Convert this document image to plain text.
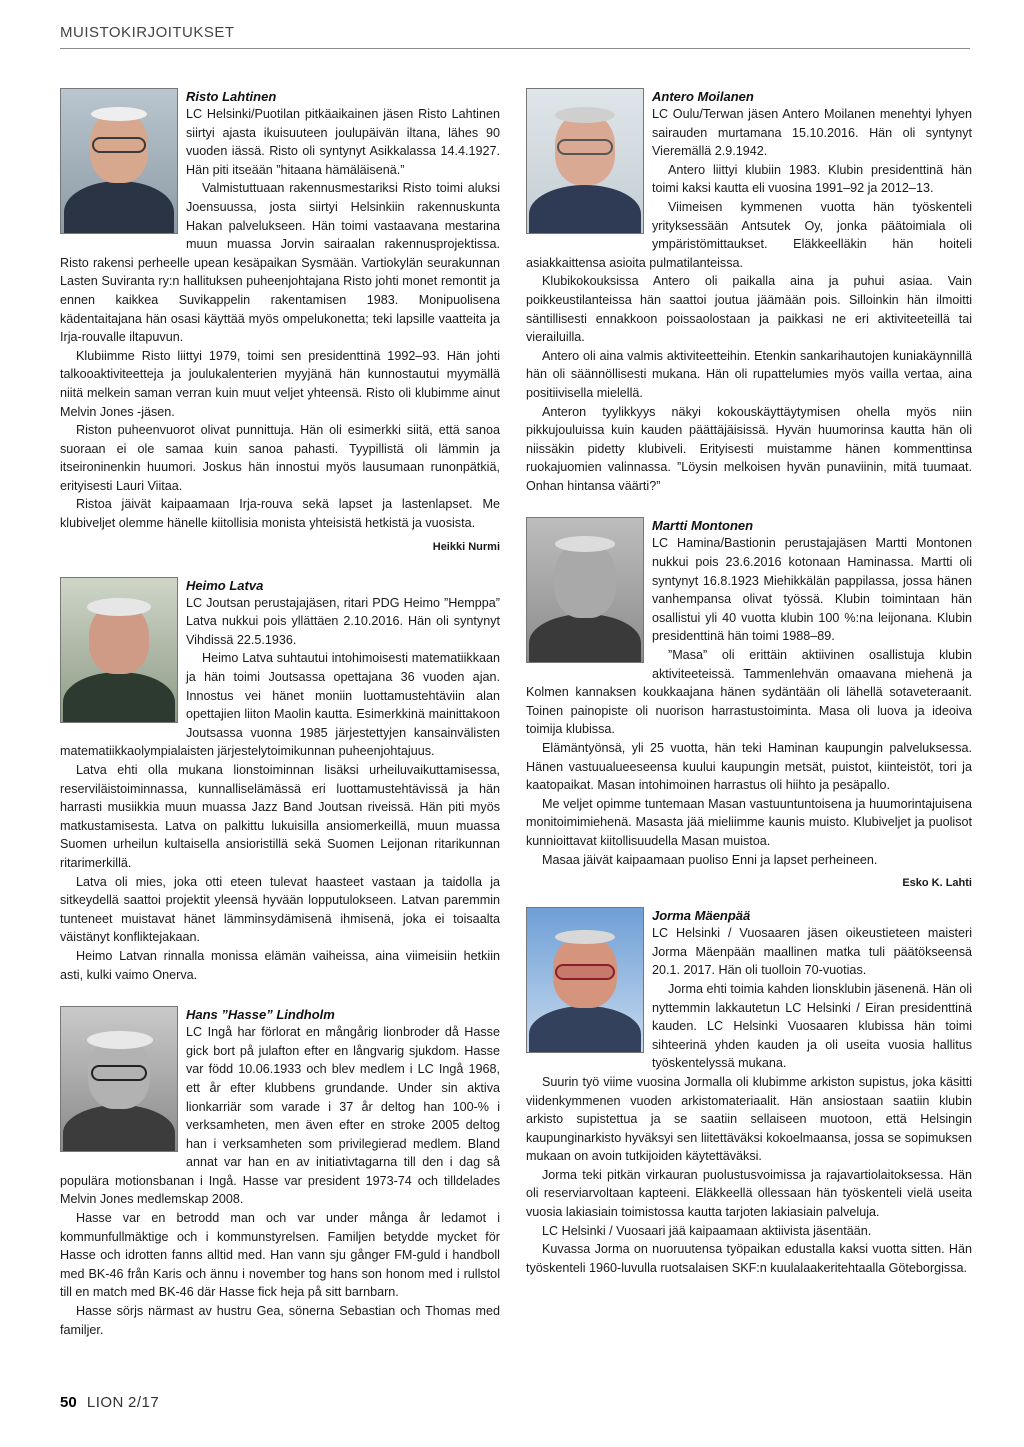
MUISTOKIRJOITUKSET
Risto Lahtinen

LC Helsinki/Puotilan pitkäaikainen jäsen Risto Lahtinen siirtyi ajasta ikuisuuteen joulupäivän iltana, lähes 90 vuoden iässä. Risto oli syntynyt Asikkalassa 14.4.1927. Hän piti itseään ”hitaana hämäläisenä.”

Valmistuttuaan rakennusmestariksi Risto toimi aluksi Joensuussa, josta siirtyi Helsinkiin rakennuskunta Hakan palvelukseen. Hän toimi vastaavana mestarina muun muassa Jorvin sairaalan rakennusprojektissa. Risto rakensi perheelle upean kesäpaikan Sysmään. Vartiokylän seurakunnan Lasten Suviranta ry:n hallituksen puheenjohtajana Risto johti monet remontit ja ennen kaikkea Suvikappelin rakentamisen 1983. Monipuolisena kädentaitajana hän osasi käyttää myös ompelukonetta; teki lapsille vaatteita ja Irja-rouvalle iltapuvun.

Klubiimme Risto liittyi 1979, toimi sen presidenttinä 1992–93. Hän johti talkooaktiviteetteja ja joulukalenterien myyjänä hän kunnostautui myymällä niitä melkein saman verran kuin muut veljet yhteensä. Risto oli klubimme ainut Melvin Jones -jäsen.

Riston puheenvuorot olivat punnittuja. Hän oli esimerkki siitä, että sanoa suoraan ei ole samaa kuin sanoa pahasti. Tyypillistä oli lämmin ja itseironinenkin huumori. Joskus hän innostui myös lausumaan runonpätkiä, erityisesti Lauri Viitaa.

Ristoa jäivät kaipaamaan Irja-rouva sekä lapset ja lastenlapset. Me klubiveljet olemme hänelle kiitollisia monista yhteisistä hetkistä ja vuosista.

Heikki Nurmi
Heimo Latva

LC Joutsan perustajajäsen, ritari PDG Heimo ”Hemppa” Latva nukkui pois yllättäen 2.10.2016. Hän oli syntynyt Vihdissä 22.5.1936.

Heimo Latva suhtautui intohimoisesti matematiikkaan ja hän toimi Joutsassa opettajana 36 vuoden ajan. Innostus vei hänet moniin luottamustehtäviin alan opettajien liiton Maolin kautta. Esimerkkinä mainittakoon Joutsassa vuonna 1985 järjestettyjen kansainvälisten matematiikkaolympialaisten järjestelytoimikunnan puheenjohtajuus.

Latva ehti olla mukana lionstoiminnan lisäksi urheiluvaikuttamisessa, reserviläistoiminnassa, kunnalliselämässä eri luottamustehtävissä ja hän harrasti musiikkia muun muassa Jazz Band Joutsan riveissä. Hän piti myös matkustamisesta. Latva on palkittu lukuisilla ansiomerkeillä, muun muassa Suomen urheilun kultaisella ansioristillä sekä Suomen Leijonan ritarikunnan ritarimerkillä.

Latva oli mies, joka otti eteen tulevat haasteet vastaan ja taidolla ja sitkeydellä saattoi projektit yleensä hyvään lopputulokseen. Latvan paremmin tunteneet muistavat hänet lämminsydämisenä ihmisenä, joka ei toisaalta väistänyt konfliktejakaan.

Heimo Latvan rinnalla monissa elämän vaiheissa, aina viimeisiin hetkiin asti, kulki vaimo Onerva.

Hans ”Hasse” Lindholm

LC Ingå har förlorat en mångårig lionbroder då Hasse gick bort på julafton efter en långvarig sjukdom. Hasse var född 10.06.1933 och blev medlem i LC Ingå 1968, ett år efter klubbens grundande. Under sin aktiva lionkarriär som varade i 37 år deltog han 100-% i verksamheten, men även efter en stroke 2005 deltog han i verksamheten som privilegierad medlem. Bland annat var han en av initiativtagarna till den i dag så populära motionsbanan i Ingå. Hasse var president 1973-74 och tilldelades Melvin Jones medlemskap 2008.

Hasse var en betrodd man och var under många år ledamot i kommunfullmäktige och i kommunstyrelsen. Familjen betydde mycket för Hasse och idrotten fanns alltid med. Han vann sju gånger FM-guld i handboll med BK-46 från Karis och ännu i november tog hans son honom med i rullstol till en match med BK-46 där Hasse fick heja på sitt barnbarn.

Hasse sörjs närmast av hustru Gea, sönerna Sebastian och Thomas med familjer.

Antero Moilanen

LC Oulu/Terwan jäsen Antero Moilanen menehtyi lyhyen sairauden murtamana 15.10.2016. Hän oli syntynyt Vieremällä 2.9.1942.

Antero liittyi klubiin 1983. Klubin presidenttinä hän toimi kaksi kautta eli vuosina 1991–92 ja 2012–13.

Viimeisen kymmenen vuotta hän työskenteli yrityksessään Antsutek Oy, jonka päätoimiala oli ympäristömittaukset. Eläkkeelläkin hän hoiteli asiakkaittensa asioita pulmatilanteissa.

Klubikokouksissa Antero oli paikalla aina ja puhui asiaa. Vain poikkeustilanteissa hän saattoi joutua jäämään pois. Silloinkin hän ilmoitti säntillisesti ennakkoon poissaolostaan ja paikkasi ne eri aktiviteeteillä tai vierailuilla.

Antero oli aina valmis aktiviteetteihin. Etenkin sankarihautojen kuniakäynnillä hän oli säännöllisesti mukana. Hän oli rupattelumies myös vailla vertaa, aina positiivisella mielellä.

Anteron tyylikkyys näkyi kokouskäyttäytymisen ohella myös niin pikkujouluissa kuin kauden päättäjäisissä. Hyvän huumorinsa kautta hän oli niissäkin pidetty klubiveli. Erityisesti muistamme hänen kommenttinsa ruokajuomien valinnassa. ”Löysin melkoisen hyvän punaviinin, mitä tuumaat. Onhan hintansa väärti?”

Martti Montonen

LC Hamina/Bastionin perustajajäsen Martti Montonen nukkui pois 23.6.2016 kotonaan Haminassa. Martti oli syntynyt 16.8.1923 Miehikkälän pappilassa, jossa hänen vanhempansa olivat työssä. Klubin toimintaan hän osallistui yli 40 vuotta klubin 100 %:na leijonana. Klubin presidenttinä hän toimi 1988–89.

”Masa” oli erittäin aktiivinen osallistuja klubin aktiviteeteissä. Tammenlehvän omaavana miehenä ja Kolmen kannaksen koukkaajana hänen sydäntään oli lähellä sotaveteraanit. Toinen painopiste oli nuorison harrastustoiminta. Masa oli luova ja ideoiva toimija klubissa.

Elämäntyönsä, yli 25 vuotta, hän teki Haminan kaupungin palveluksessa. Hänen vastuualueeseensa kuului kaupungin metsät, puistot, kiinteistöt, tori ja kaatopaikat. Masan intohimoinen harrastus oli hiihto ja pesäpallo.

Me veljet opimme tuntemaan Masan vastuuntuntoisena ja huumorintajuisena monitoimimiehenä. Masasta jää mieliimme kaunis muisto. Klubiveljet ja puolisot kunnioittavat kiitollisuudella Masan muistoa.

Masaa jäivät kaipaamaan puoliso Enni ja lapset perheineen.

Esko K. Lahti
Jorma Mäenpää

LC Helsinki / Vuosaaren jäsen oikeustieteen maisteri Jorma Mäenpään maallinen matka tuli päätökseensä 20.1. 2017. Hän oli tuolloin 70-vuotias.

Jorma ehti toimia kahden lionsklubin jäsenenä. Hän oli nyttemmin lakkautetun LC Helsinki / Eiran presidenttinä kauden. LC Helsinki Vuosaaren klubissa hän toimi sihteerinä yhden kauden ja oli useita vuosia hallitus työskentelyssä mukana.

Suurin työ viime vuosina Jormalla oli klubimme arkiston supistus, joka käsitti viidenkymmenen vuoden arkistomateriaalit. Hän ansiostaan saatiin klubin arkisto supistettua ja se saatiin sellaiseen muotoon, että Helsingin kaupunginarkisto hyväksyi sen liitettäväksi kokoelmaansa, jossa se sopimuksen mukaan on avoin tutkijoiden käytettäväksi.

Jorma teki pitkän virkauran puolustusvoimissa ja rajavartiolaitoksessa. Hän oli reserviarvoltaan kapteeni. Eläkkeellä ollessaan hän työskenteli vielä useita vuosia lakiasiain toimistossa kautta tarjoten lakiasiain palveluja.

LC Helsinki / Vuosaari jää kaipaamaan aktiivista jäsentään.

Kuvassa Jorma on nuoruutensa työpaikan edustalla kaksi vuotta sitten. Hän työskenteli 1960-luvulla ruotsalaisen SKF:n kuulalaakeritehtaalla Göteborgissa.

50 LION 2/17
